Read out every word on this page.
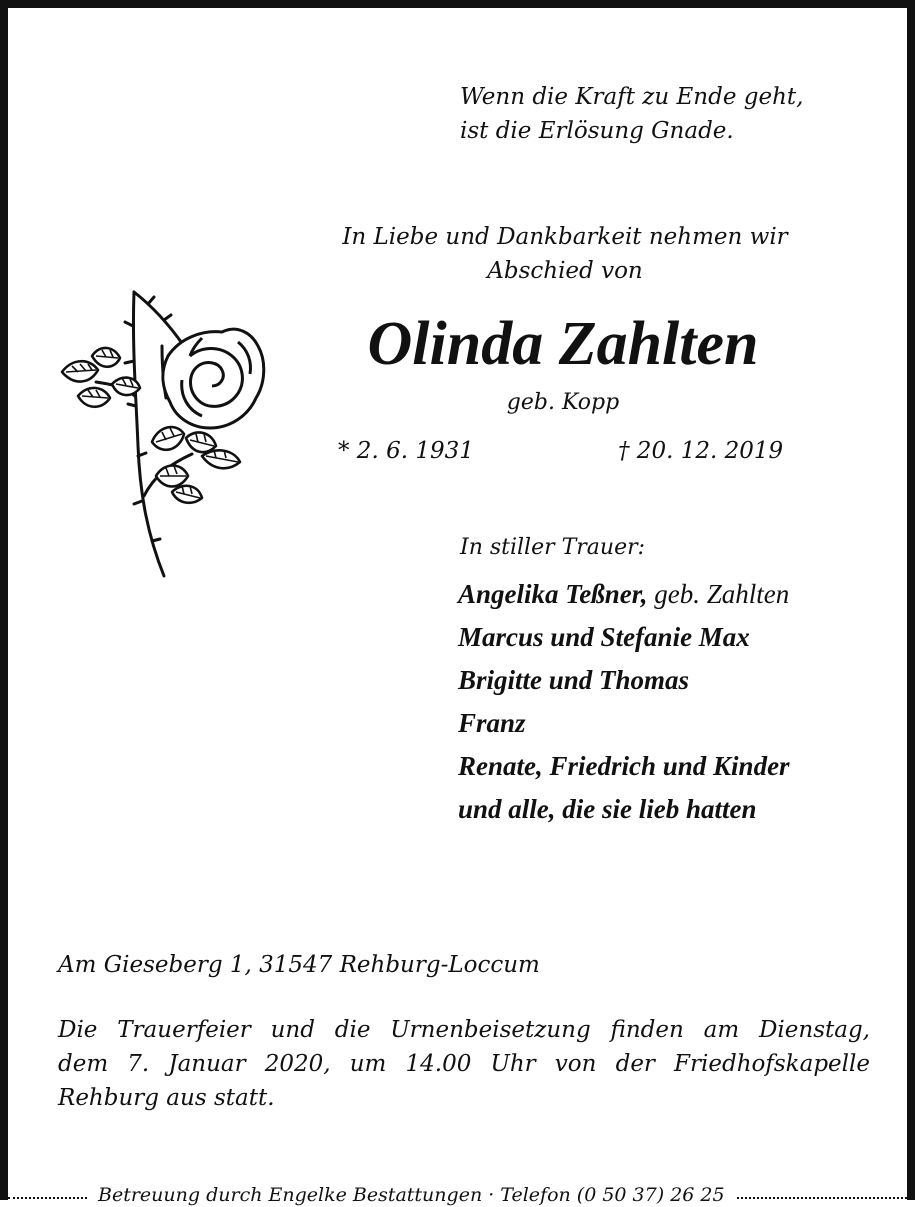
Wenn die Kraft zu Ende geht,
ist die Erlösung Gnade.
In Liebe und Dankbarkeit nehmen wir
Abschied von
Olinda Zahlten
geb. Kopp
* 2. 6. 1931	† 20. 12. 2019
In stiller Trauer:
Angelika Teßner, geb. Zahlten
Marcus und Stefanie Max
Brigitte und Thomas
Franz
Renate, Friedrich und Kinder
und alle, die sie lieb hatten
Am Gieseberg 1, 31547 Rehburg-Loccum
Die Trauerfeier und die Urnenbeisetzung finden am Dienstag,
dem 7. Januar 2020, um 14.00 Uhr von der Friedhofskapelle
Rehburg aus statt.
Betreuung durch Engelke Bestattungen · Telefon (0 50 37) 26 25
